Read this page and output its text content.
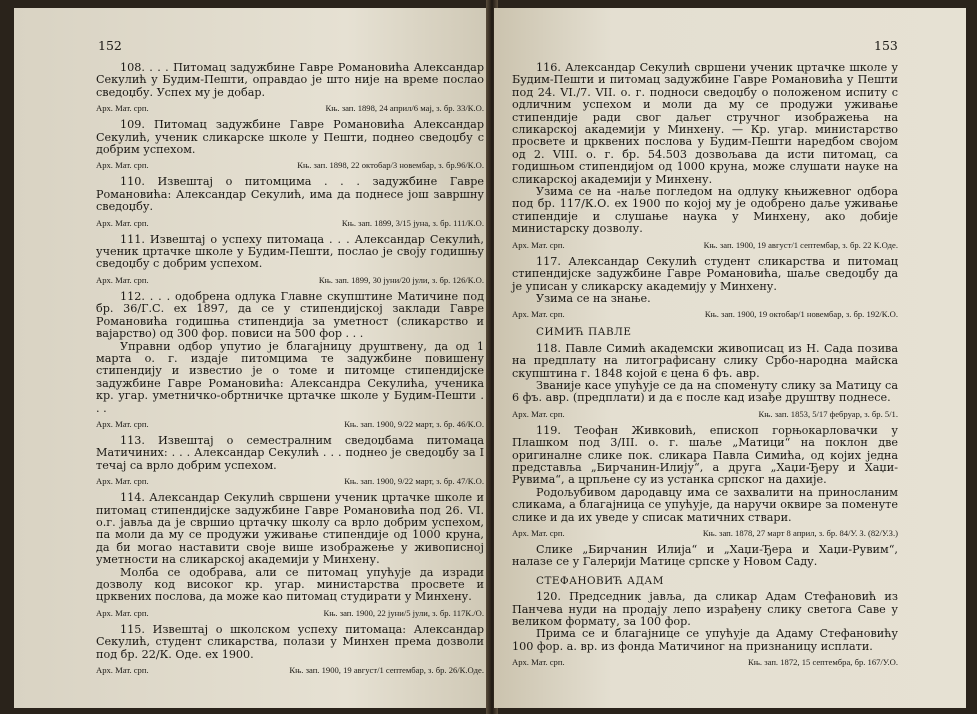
152

108. . . . Питомац задужбине Гавре Романовића Александар Секулић у Будим-Пешти, оправдао је што није на време послао сведоџбу. Успех му је добар.

Арх. Мат. срп.	Књ. зап. 1898, 24 април/6 мај, з. бр. 33/К.О.

109. Питомац задужбине Гавре Романовића Александар Секулић, ученик сликарске школе у Пешти, поднео сведоџбу с добрим успехом.

Арх. Мат. срп.	Књ. зап. 1898, 22 октобар/3 новембар, з. бр.96/К.О.

110. Извештај о питомцима . . . задужбине Гавре Романовића: Александар Секулић, има да поднесе још завршну сведоџбу.

Арх. Мат. срп.	Књ. зап. 1899, 3/15 јуна, з. бр. 111/К.О.

111. Извештај о успеху питомаца . . . Александар Секулић, ученик цртачке школе у Будим-Пешти, послао је своју годишњу сведоџбу с добрим успехом.

Арх. Мат. срп.	Књ. зап. 1899, 30 јуни/20 јули, з. бр. 126/К.О.

112. . . . одобрена одлука Главне скупштине Матичине под бр. 36/Г.С. ex 1897, да се у стипендијској заклади Гавре Романовића годишња стипендија за уметност (сликарство и вајарство) од 300 фор. повиси на 500 фор . . .

Управни одбор упутио је благајницу друштвену, да од 1 марта о. г. издаје питомцима те задужбине повишену стипендију и известио је о томе и питомце стипендијске задужбине Гавре Романовића: Александра Секулића, ученика кр. угар. уметничко-обртничке цртачке школе у Будим-Пешти . . .

Арх. Мат. срп.	Књ. зап. 1900, 9/22 март, з. бр. 46/К.О.

113. Извештај о семестралним сведоџбама питомаца Матичиних: . . . Александар Секулић . . . поднео је сведоџбу за I течај са врло добрим успехом.

Арх. Мат. срп.	Књ. зап. 1900, 9/22 март, з. бр. 47/К.О.

114. Александар Секулић свршени ученик цртачке школе и питомац стипендијске задужбине Гавре Романовића под 26. VI. о.г. јавља да је свршио цртачку школу са врло добрим успехом, па моли да му се продужи уживање стипендије од 1000 круна, да би могао наставити своје више изображење у живописној уметности на сликарској академији у Минхену.

Молба се одобрава, али се питомац упућује да изради дозволу код високог кр. угар. министарства просвете и црквених послова, да може као питомац студирати у Минхену.

Арх. Мат. срп.	Књ. зап. 1900, 22 јуни/5 јули, з. бр. 117К./О.

115. Извештај о школском успеху питомаца: Александар Секулић, студент сликарства, полази у Минхен према дозволи под бр. 22/К. Оде. ex 1900.

Арх. Мат. срп.	Књ. зап. 1900, 19 август/1 септембар, з. бр. 26/К.Оде.
153

116. Александар Секулић свршени ученик цртачке школе у Будим-Пешти и питомац задужбине Гавре Романовића у Пешти под 24. VI./7. VII. о. г. подноси сведоџбу о положеном испиту с одличним успехом и моли да му се продужи уживање стипендије ради свог даљег стручног изображења на сликарској академији у Минхену. — Кр. угар. министарство просвете и црквених послова у Будим-Пешти наредбом својом од 2. VIII. о. г. бр. 54.503 дозвољава да исти питомац, са годишњом стипендијом од 1000 круна, може слушати науке на сликарској академији у Минхену.

Узима се на -наље погледом на одлуку књижевног одбора под бр. 117/К.О. ex 1900 по којој му је одобрено даље уживање стипендије и слушање наука у Минхену, ако добије министарску дозволу.

Арх. Мат. срп.	Књ. зап. 1900, 19 август/1 септембар, з. бр. 22 К.Оде.

117. Александар Секулић студент сликарства и питомац стипендијске задужбине Гавре Романовића, шаље сведоџбу да је уписан у сликарску академију у Минхену.

Узима се на знање.

Арх. Мат. срп.	Књ. зап. 1900, 19 октобар/1 новембар, з. бр. 192/К.О.
СИМИЋ ПАВЛЕ

118. Павле Симић академски живописац из Н. Сада позива на предплату на литографисану слику Србо-народна майска скупштина г. 1848 којой є цена 6 фъ. авр.

Званије касе упућује се да на споменуту слику за Матицу са 6 фъ. авр. (предплати) и да є после кад изађе друштву поднесе.

Арх. Мат. срп.	Књ. зап. 1853, 5/17 фебруар, з. бр. 5/1.

119. Теофан Живковић, епископ горњокарловачки у Плашком под 3/III. о. г. шаље „Матици“ на поклон две оригиналне слике пок. сликара Павла Симића, од којих једна представља „Бирчанин-Илију“, а друга „Хаџи-Ђеру и Хаџи-Рувима“, а црпљене су из устанка српског на дахије.

Родољубивом дародавцу има се захвалити на приносланим сликама, а благајница се упућује, да наручи оквире за поменуте слике и да их уведе у списак матичних ствари.

Арх. Мат. срп.	Књ. зап. 1878, 27 март 8 април, з. бр. 84/У. З. (82/У.З.)

Слике „Бирчанин Илија“ и „Хаџи-Ђера и Хаџи-Рувим“, налазе се у Галерији Матице српске у Новом Саду.

СТЕФАНОВИЋ АДАМ

120. Председник јавља, да сликар Адам Стефановић из Панчева нуди на продају лепо израђену слику светога Саве у великом формату, за 100 фор.

Прима се и благајнице се упућује да Адаму Стефановићу 100 фор. а. вр. из фонда Матичиног на признаницу исплати.

Арх. Мат. срп.	Књ. зап. 1872, 15 септембра, бр. 167/У.О.
